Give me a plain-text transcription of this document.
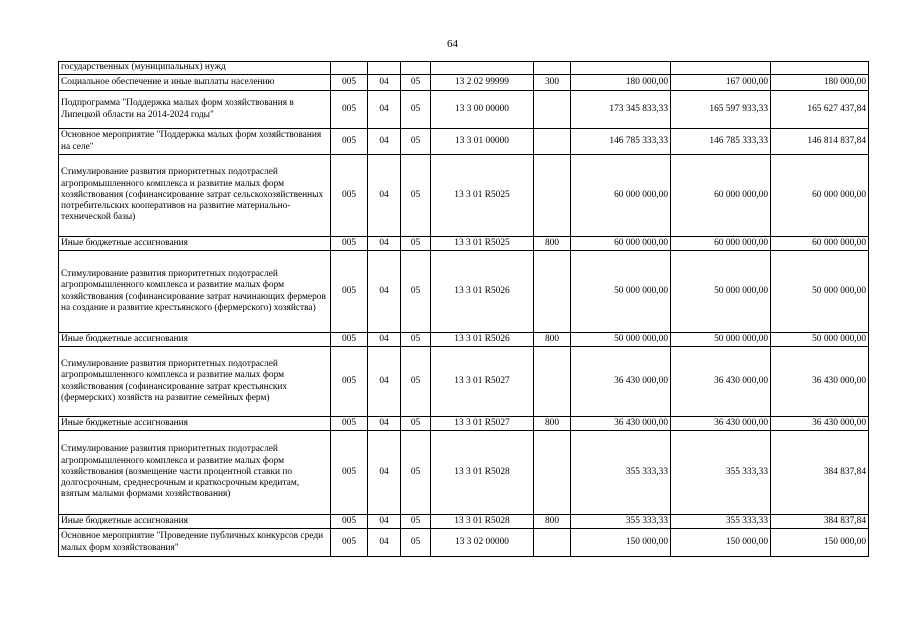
64
государственных (муниципальных) нужд								
Социальное обеспечение и иные выплаты населению	005	04	05	13 2 02 99999	300	180 000,00	167 000,00	180 000,00
Подпрограмма "Поддержка малых форм хозяйствования в Липецкой области на 2014-2024 годы"	005	04	05	13 3 00 00000		173 345 833,33	165 597 933,33	165 627 437,84
Основное мероприятие "Поддержка малых форм хозяйствования на селе"	005	04	05	13 3 01 00000		146 785 333,33	146 785 333,33	146 814 837,84
Стимулирование развития приоритетных подотраслей агропромышленного комплекса и развитие малых форм хозяйствования (софинансирование затрат сельскохозяйственных потребительских кооперативов на развитие материально-технической базы)	005	04	05	13 3 01 R5025		60 000 000,00	60 000 000,00	60 000 000,00
Иные бюджетные ассигнования	005	04	05	13 3 01 R5025	800	60 000 000,00	60 000 000,00	60 000 000,00
Стимулирование развития приоритетных подотраслей агропромышленного комплекса и развитие малых форм хозяйствования (софинансирование затрат начинающих фермеров на создание и развитие крестьянского (фермерского) хозяйства)	005	04	05	13 3 01 R5026		50 000 000,00	50 000 000,00	50 000 000,00
Иные бюджетные ассигнования	005	04	05	13 3 01 R5026	800	50 000 000,00	50 000 000,00	50 000 000,00
Стимулирование развития приоритетных подотраслей агропромышленного комплекса и развитие малых форм хозяйствования (софинансирование затрат крестьянских (фермерских) хозяйств на развитие семейных ферм)	005	04	05	13 3 01 R5027		36 430 000,00	36 430 000,00	36 430 000,00
Иные бюджетные ассигнования	005	04	05	13 3 01 R5027	800	36 430 000,00	36 430 000,00	36 430 000,00
Стимулирование развития приоритетных подотраслей агропромышленного комплекса и развитие малых форм хозяйствования (возмещение части процентной ставки по долгосрочным, среднесрочным и краткосрочным кредитам, взятым малыми формами хозяйствования)	005	04	05	13 3 01 R5028		355 333,33	355 333,33	384 837,84
Иные бюджетные ассигнования	005	04	05	13 3 01 R5028	800	355 333,33	355 333,33	384 837,84
Основное мероприятие "Проведение публичных конкурсов среди малых форм хозяйствования"	005	04	05	13 3 02 00000		150 000,00	150 000,00	150 000,00
